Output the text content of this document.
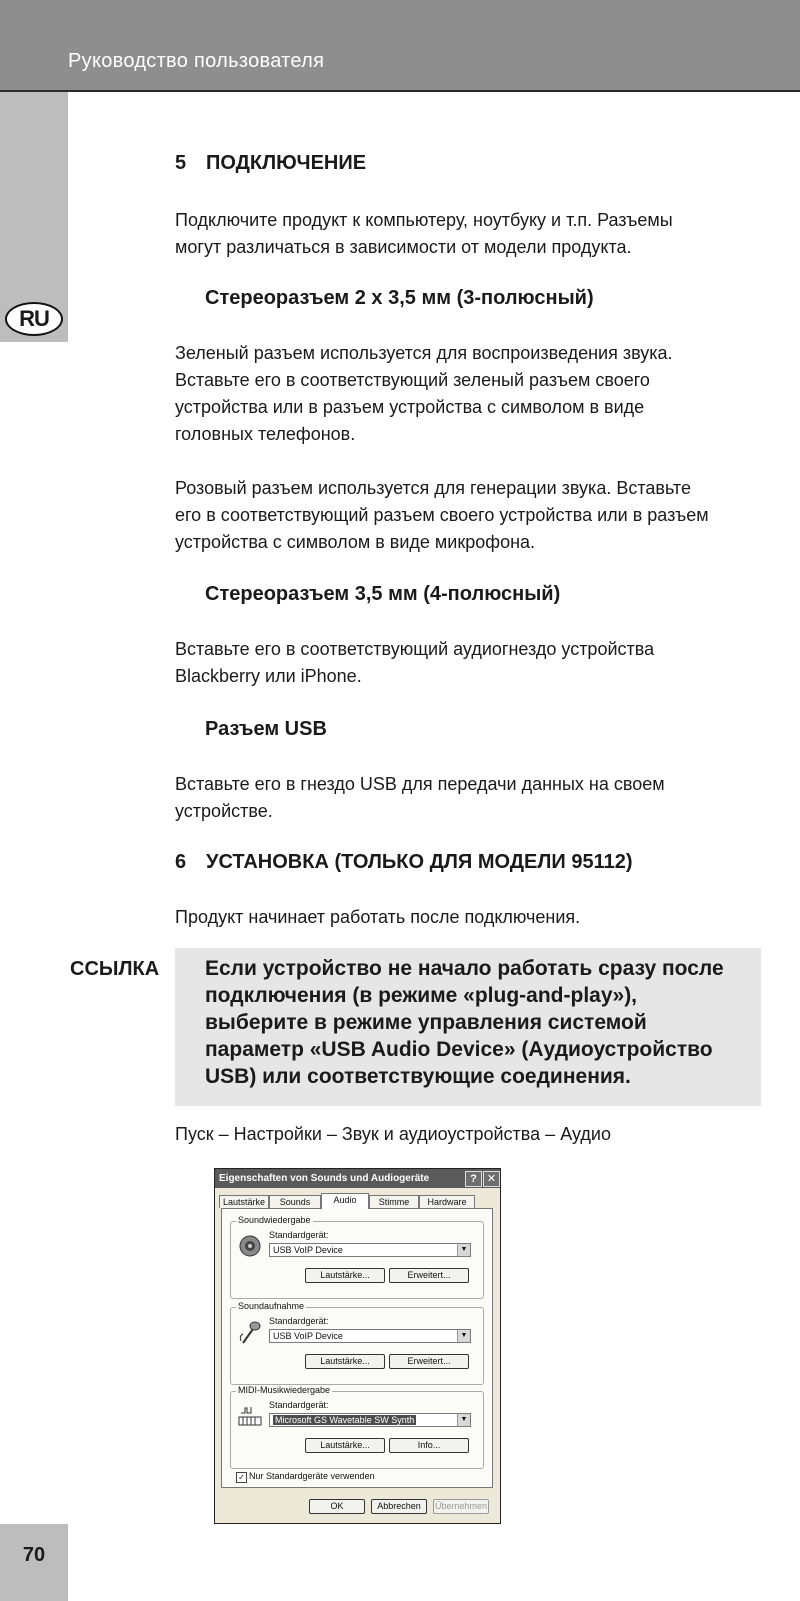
Руководство пользователя
RU
70
5 ПОДКЛЮЧЕНИЕ
Подключите продукт к компьютеру, ноутбуку и т.п. Разъемы
могут различаться в зависимости от модели продукта.
Стереоразъем 2 x 3,5 мм (3-полюсный)
Зеленый разъем используется для воспроизведения звука.
Вставьте его в соответствующий зеленый разъем своего
устройства или в разъем устройства с символом в виде
головных телефонов.
Розовый разъем используется для генерации звука. Вставьте
его в соответствующий разъем своего устройства или в разъем
устройства с символом в виде микрофона.
Стереоразъем 3,5 мм (4-полюсный)
Вставьте его в соответствующий аудиогнездо устройства
Blackberry или iPhone.
Разъем USB
Вставьте его в гнездо USB для передачи данных на своем
устройстве.
6 УСТАНОВКА (ТОЛЬКО ДЛЯ МОДЕЛИ 95112)
Продукт начинает работать после подключения.
ССЫЛКА Если устройство не начало работать сразу после
подключения (в режиме «plug-and-play»),
выберите в режиме управления системой
параметр «USB Audio Device» (Аудиоустройство
USB) или соответствующие соединения.
Пуск – Настройки – Звук и аудиоустройства – Аудио
Eigenschaften von Sounds und Audiogeräte	? ✕
Lautstärke	Sounds	Audio	Stimme	Hardware
Soundwiedergabe
Standardgerät:
USB VoIP Device	▼
Lautstärke...	Erweitert...
Soundaufnahme
Standardgerät:
USB VoIP Device	▼
Lautstärke...	Erweitert...
MIDI-Musikwiedergabe
Standardgerät:
Microsoft GS Wavetable SW Synth	▼
Lautstärke...	Info...
✓ Nur Standardgeräte verwenden
OK	Abbrechen	Übernehmen
